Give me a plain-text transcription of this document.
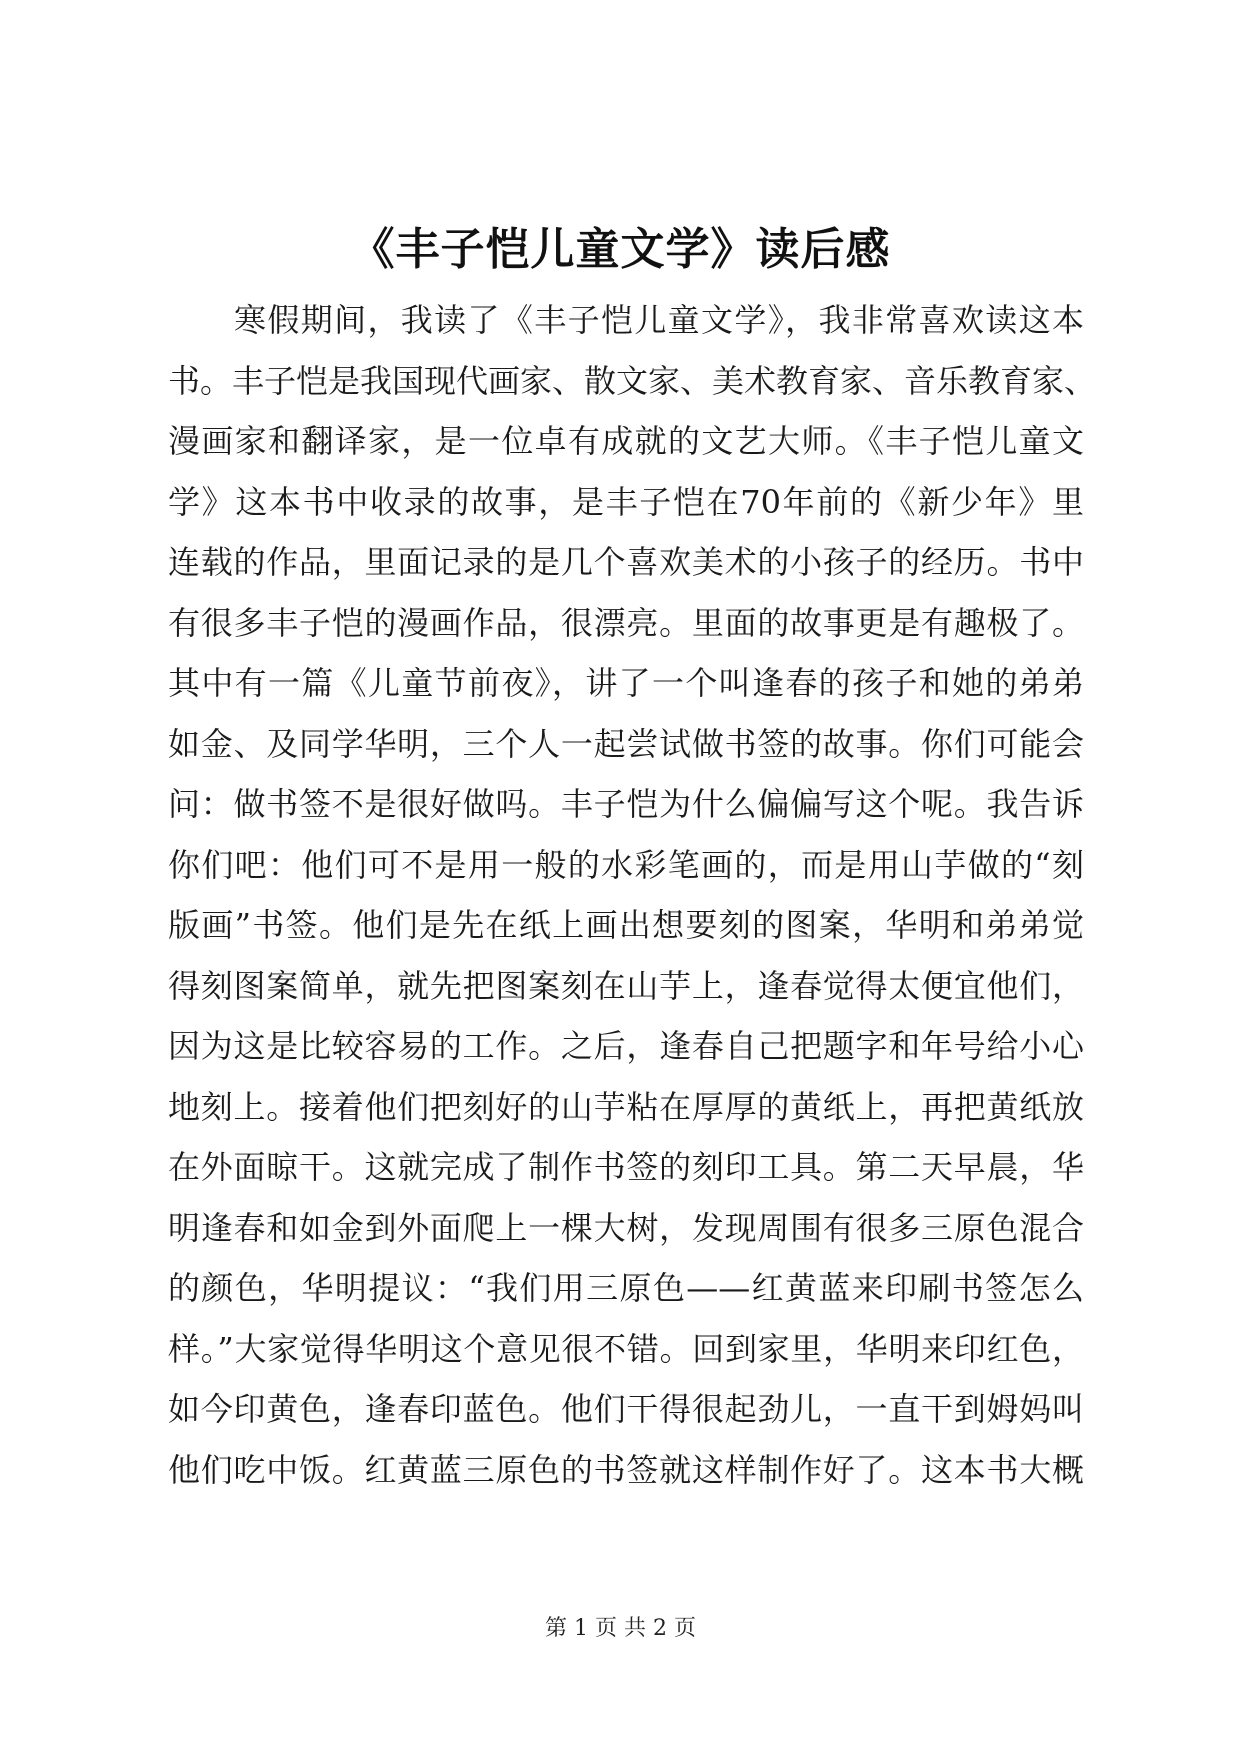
《丰子恺儿童文学》读后感
寒假期间，我读了《丰子恺儿童文学》，我非常喜欢读这本
书。丰子恺是我国现代画家、散文家、美术教育家、音乐教育家、
漫画家和翻译家，是一位卓有成就的文艺大师。《丰子恺儿童文
学》这本书中收录的故事，是丰子恺在70年前的《新少年》里
连载的作品，里面记录的是几个喜欢美术的小孩子的经历。书中
有很多丰子恺的漫画作品，很漂亮。里面的故事更是有趣极了。
其中有一篇《儿童节前夜》，讲了一个叫逢春的孩子和她的弟弟
如金、及同学华明，三个人一起尝试做书签的故事。你们可能会
问：做书签不是很好做吗。丰子恺为什么偏偏写这个呢。我告诉
你们吧：他们可不是用一般的水彩笔画的，而是用山芋做的“刻
版画”书签。他们是先在纸上画出想要刻的图案，华明和弟弟觉
得刻图案简单，就先把图案刻在山芋上，逢春觉得太便宜他们，
因为这是比较容易的工作。之后，逢春自己把题字和年号给小心
地刻上。接着他们把刻好的山芋粘在厚厚的黄纸上，再把黄纸放
在外面晾干。这就完成了制作书签的刻印工具。第二天早晨，华
明逢春和如金到外面爬上一棵大树，发现周围有很多三原色混合
的颜色，华明提议：“我们用三原色——红黄蓝来印刷书签怎么
样。”大家觉得华明这个意见很不错。回到家里，华明来印红色，
如今印黄色，逢春印蓝色。他们干得很起劲儿，一直干到姆妈叫
他们吃中饭。红黄蓝三原色的书签就这样制作好了。这本书大概
第 1 页 共 2 页
